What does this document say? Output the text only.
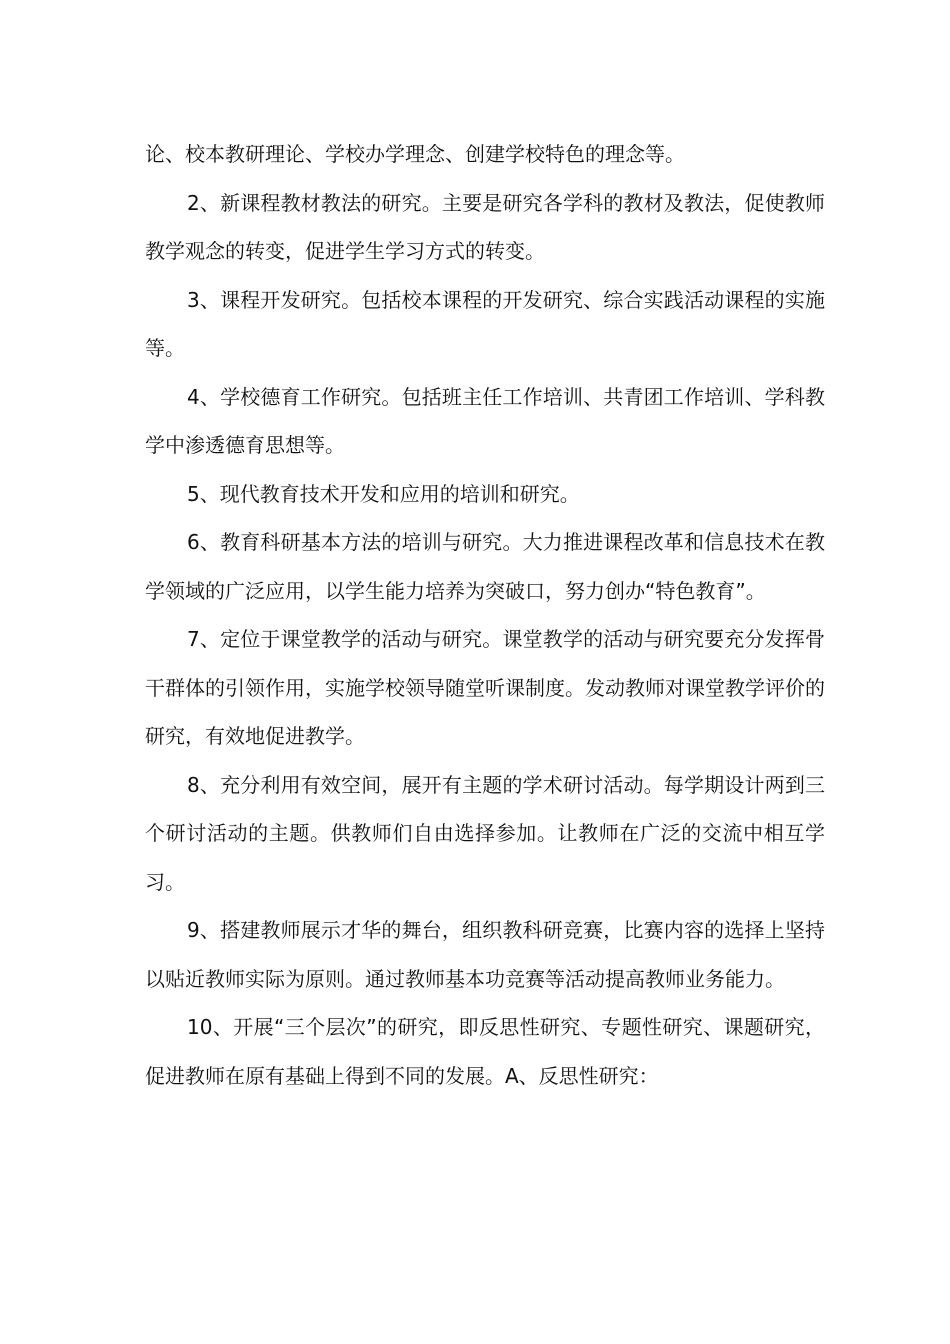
论、校本教研理论、学校办学理念、创建学校特色的理念等。

2、新课程教材教法的研究。主要是研究各学科的教材及教法，促使教师教学观念的转变，促进学生学习方式的转变。

3、课程开发研究。包括校本课程的开发研究、综合实践活动课程的实施等。

4、学校德育工作研究。包括班主任工作培训、共青团工作培训、学科教学中渗透德育思想等。

5、现代教育技术开发和应用的培训和研究。

6、教育科研基本方法的培训与研究。大力推进课程改革和信息技术在教学领域的广泛应用，以学生能力培养为突破口，努力创办“特色教育”。

7、定位于课堂教学的活动与研究。课堂教学的活动与研究要充分发挥骨干群体的引领作用，实施学校领导随堂听课制度。发动教师对课堂教学评价的研究，有效地促进教学。

8、充分利用有效空间，展开有主题的学术研讨活动。每学期设计两到三个研讨活动的主题。供教师们自由选择参加。让教师在广泛的交流中相互学习。

9、搭建教师展示才华的舞台，组织教科研竞赛，比赛内容的选择上坚持以贴近教师实际为原则。通过教师基本功竞赛等活动提高教师业务能力。

10、开展“三个层次”的研究，即反思性研究、专题性研究、课题研究，促进教师在原有基础上得到不同的发展。A、反思性研究：
